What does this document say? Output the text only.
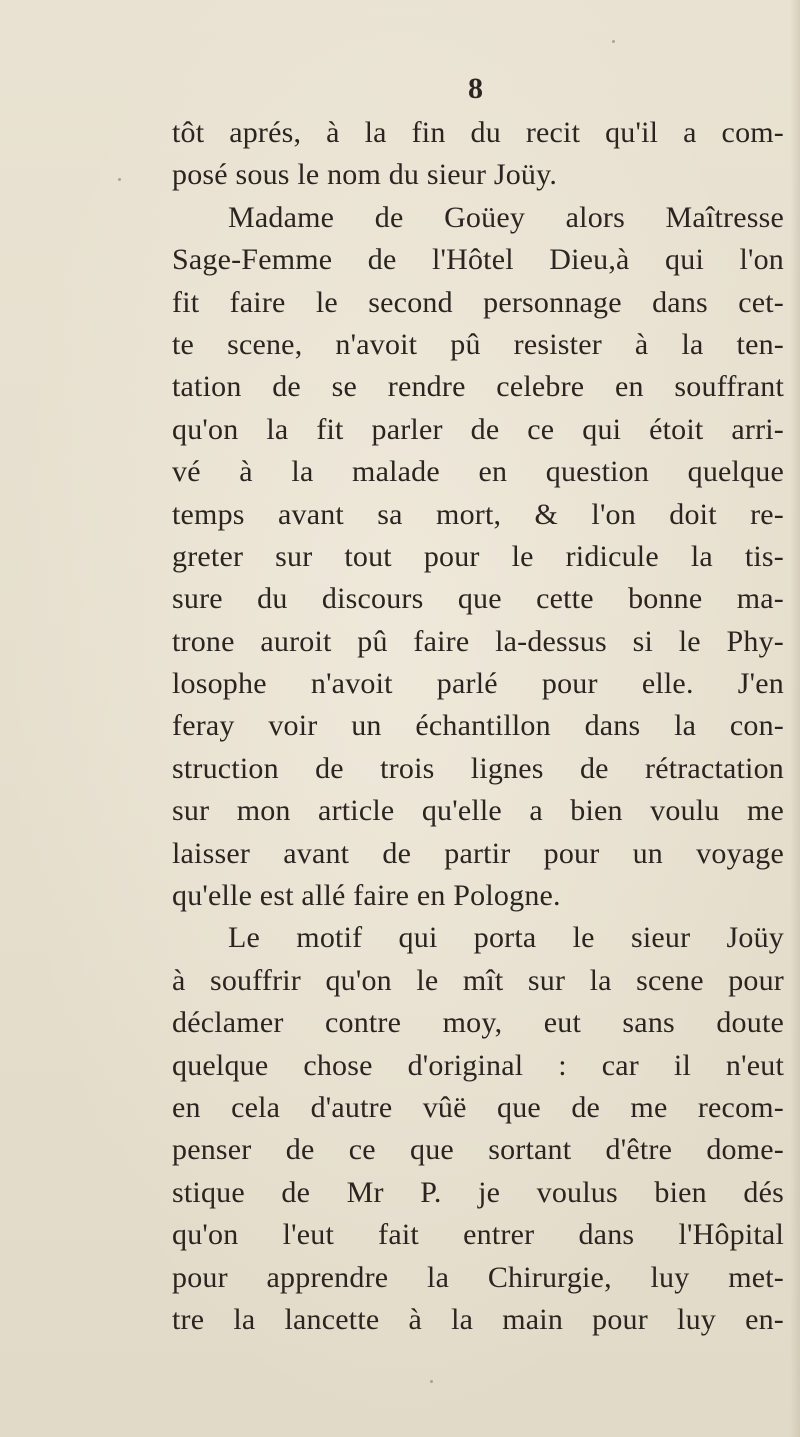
8
tôt aprés, à la fin du recit qu'il a com-
posé sous le nom du sieur Joüy.
Madame de Goüey alors Maîtresse
Sage-Femme de l'Hôtel Dieu,à qui l'on
fit faire le second personnage dans cet-
te scene, n'avoit pû resister à la ten-
tation de se rendre celebre en souffrant
qu'on la fit parler de ce qui étoit arri-
vé à la malade en question quelque
temps avant sa mort, & l'on doit re-
greter sur tout pour le ridicule la tis-
sure du discours que cette bonne ma-
trone auroit pû faire la-dessus si le Phy-
losophe n'avoit parlé pour elle. J'en
feray voir un échantillon dans la con-
struction de trois lignes de rétractation
sur mon article qu'elle a bien voulu me
laisser avant de partir pour un voyage
qu'elle est allé faire en Pologne.
Le motif qui porta le sieur Joüy
à souffrir qu'on le mît sur la scene pour
déclamer contre moy, eut sans doute
quelque chose d'original : car il n'eut
en cela d'autre vûë que de me recom-
penser de ce que sortant d'être dome-
stique de Mr P. je voulus bien dés
qu'on l'eut fait entrer dans l'Hôpital
pour apprendre la Chirurgie, luy met-
tre la lancette à la main pour luy en-
